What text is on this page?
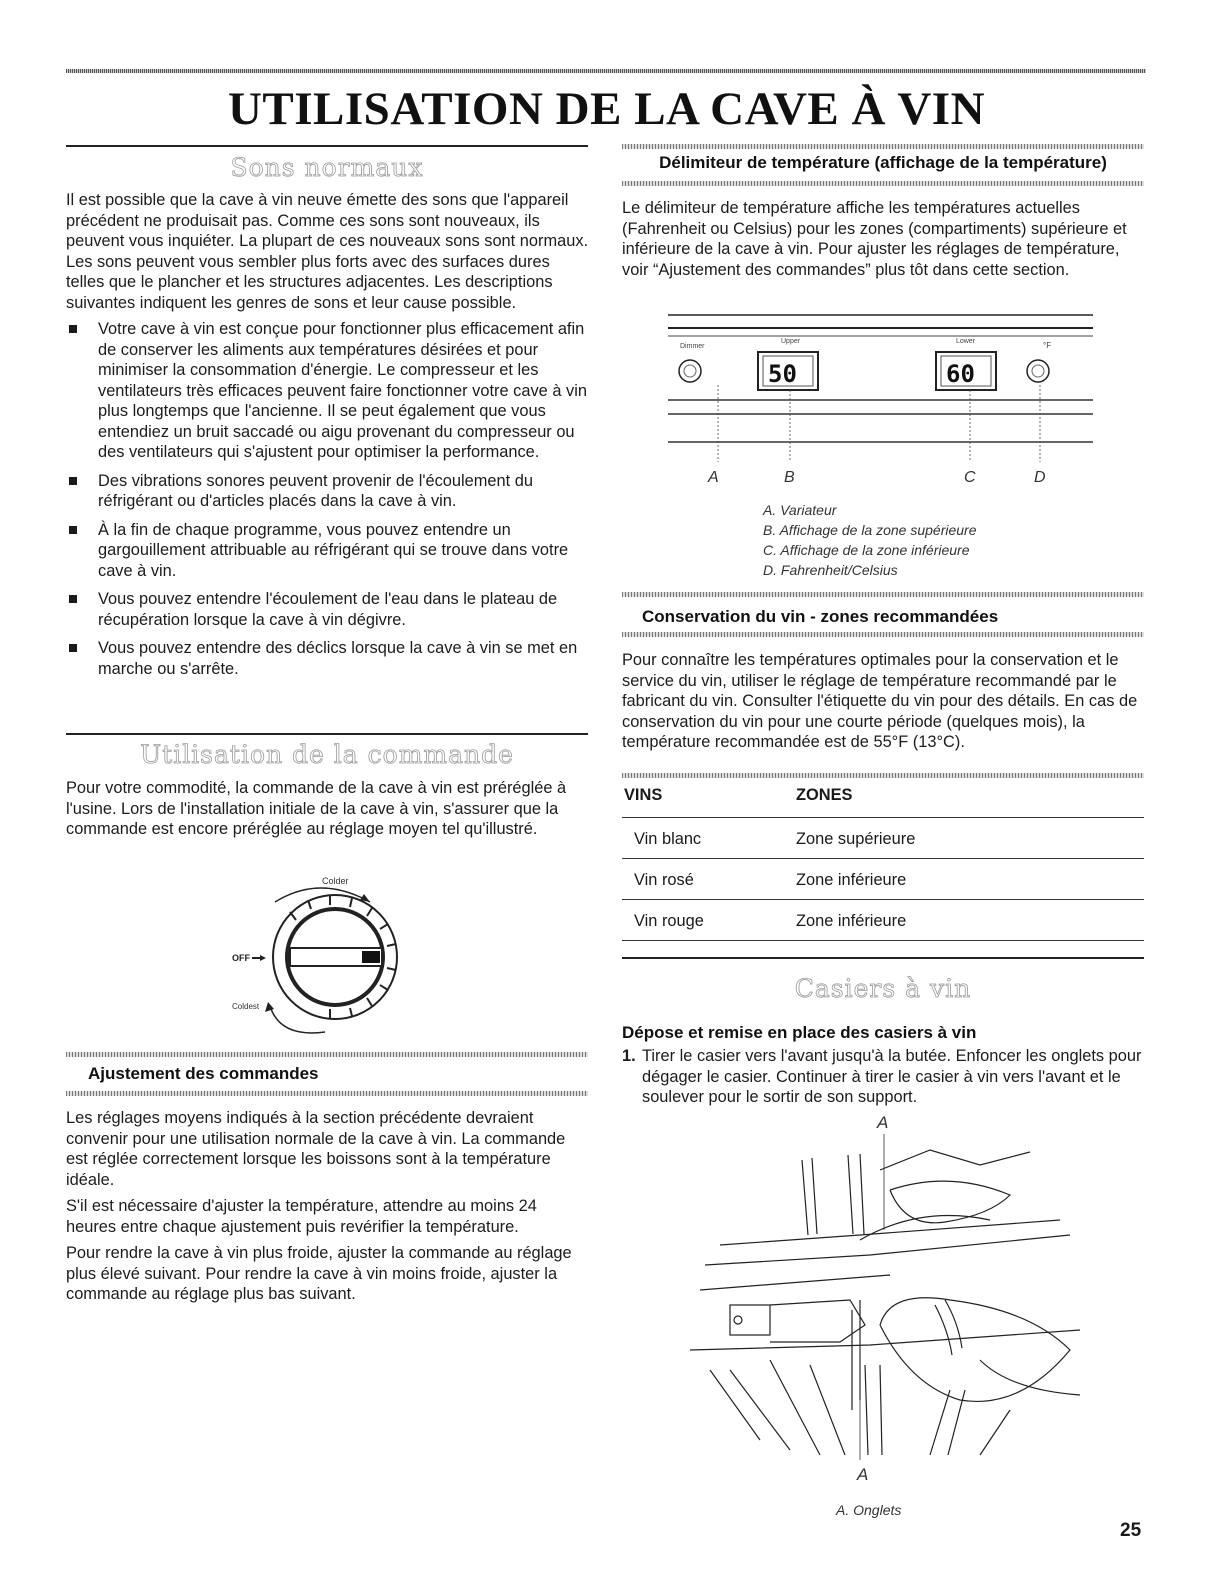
UTILISATION DE LA CAVE À VIN
Sons normaux

Il est possible que la cave à vin neuve émette des sons que l'appareil précédent ne produisait pas. Comme ces sons sont nouveaux, ils peuvent vous inquiéter. La plupart de ces nouveaux sons sont normaux. Les sons peuvent vous sembler plus forts avec des surfaces dures telles que le plancher et les structures adjacentes. Les descriptions suivantes indiquent les genres de sons et leur cause possible.

Votre cave à vin est conçue pour fonctionner plus efficacement afin de conserver les aliments aux températures désirées et pour minimiser la consommation d'énergie. Le compresseur et les ventilateurs très efficaces peuvent faire fonctionner votre cave à vin plus longtemps que l'ancienne. Il se peut également que vous entendiez un bruit saccadé ou aigu provenant du compresseur ou des ventilateurs qui s'ajustent pour optimiser la performance.
Des vibrations sonores peuvent provenir de l'écoulement du réfrigérant ou d'articles placés dans la cave à vin.
À la fin de chaque programme, vous pouvez entendre un gargouillement attribuable au réfrigérant qui se trouve dans votre cave à vin.
Vous pouvez entendre l'écoulement de l'eau dans le plateau de récupération lorsque la cave à vin dégivre.
Vous pouvez entendre des déclics lorsque la cave à vin se met en marche ou s'arrête.
Utilisation de la commande
Pour votre commodité, la commande de la cave à vin est préréglée à l'usine. Lors de l'installation initiale de la cave à vin, s'assurer que la commande est encore préréglée au réglage moyen tel qu'illustré.
Colder
OFF
Coldest
Ajustement des commandes

Les réglages moyens indiqués à la section précédente devraient convenir pour une utilisation normale de la cave à vin. La commande est réglée correctement lorsque les boissons sont à la température idéale.

S'il est nécessaire d'ajuster la température, attendre au moins 24 heures entre chaque ajustement puis revérifier la température.

Pour rendre la cave à vin plus froide, ajuster la commande au réglage plus élevé suivant. Pour rendre la cave à vin moins froide, ajuster la commande au réglage plus bas suivant.

Délimiteur de température (affichage de la température)
Le délimiteur de température affiche les températures actuelles (Fahrenheit ou Celsius) pour les zones (compartiments) supérieure et inférieure de la cave à vin. Pour ajuster les réglages de température, voir “Ajustement des commandes” plus tôt dans cette section.
Dimmer
Upper	Lower	°F
50	60
A	B	C	D
A. Variateur
B. Affichage de la zone supérieure
C. Affichage de la zone inférieure
D. Fahrenheit/Celsius
Conservation du vin - zones recommandées
Pour connaître les températures optimales pour la conservation et le service du vin, utiliser le réglage de température recommandé par le fabricant du vin. Consulter l'étiquette du vin pour des détails. En cas de conservation du vin pour une courte période (quelques mois), la température recommandée est de 55°F (13°C).
VINS	ZONES
Vin blanc	Zone supérieure
Vin rosé	Zone inférieure
Vin rouge	Zone inférieure
Casiers à vin
Dépose et remise en place des casiers à vin
1. Tirer le casier vers l'avant jusqu'à la butée. Enfoncer les onglets pour dégager le casier. Continuer à tirer le casier à vin vers l'avant et le soulever pour le sortir de son support.
A
A
A. Onglets
25
